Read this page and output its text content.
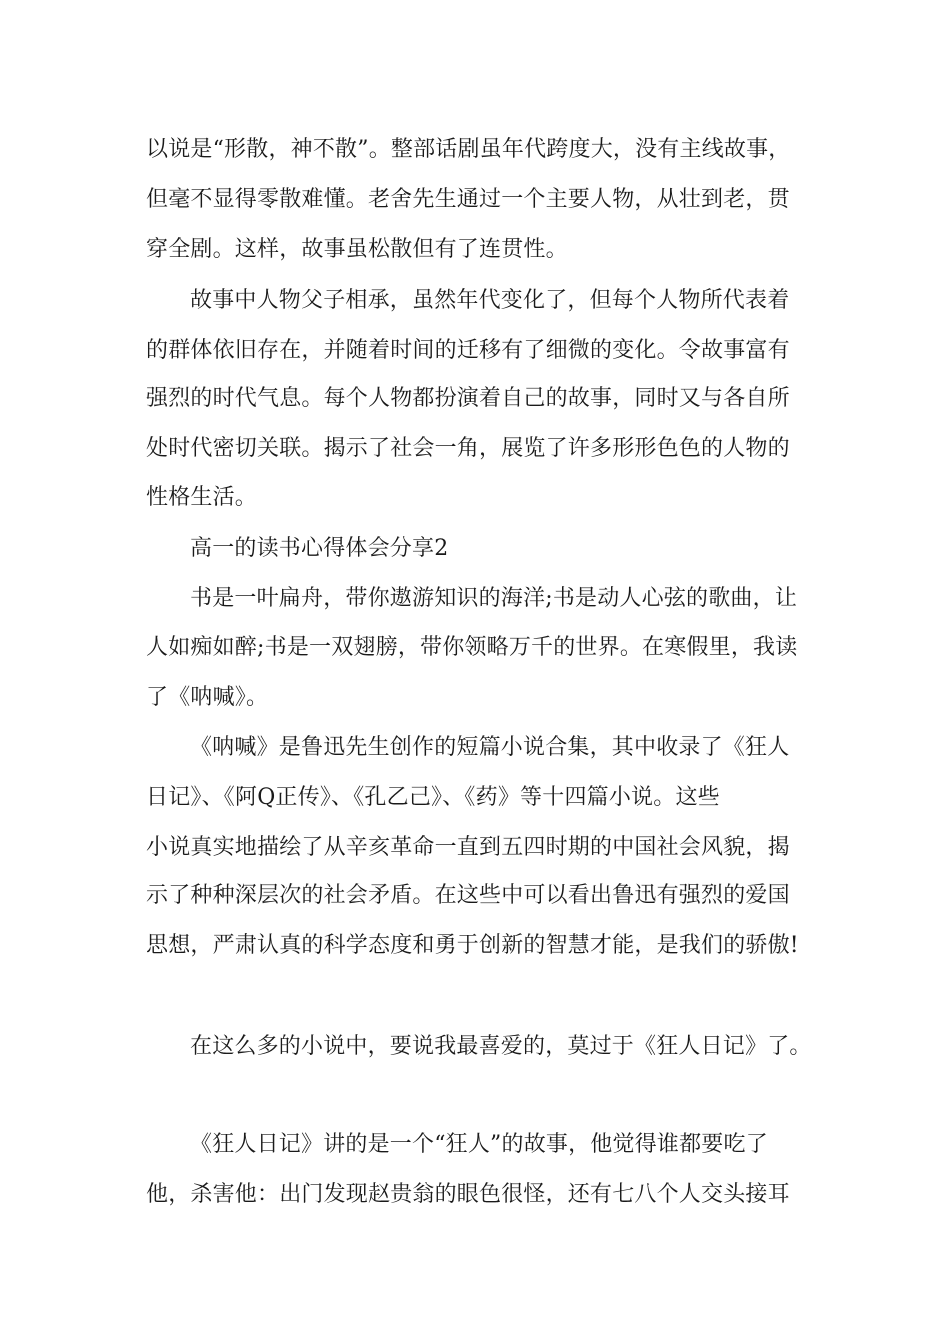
以说是“形散，神不散”。整部话剧虽年代跨度大，没有主线故事，
但毫不显得零散难懂。老舍先生通过一个主要人物，从壮到老，贯
穿全剧。这样，故事虽松散但有了连贯性。
故事中人物父子相承，虽然年代变化了，但每个人物所代表着
的群体依旧存在，并随着时间的迁移有了细微的变化。令故事富有
强烈的时代气息。每个人物都扮演着自己的故事，同时又与各自所
处时代密切关联。揭示了社会一角，展览了许多形形色色的人物的
性格生活。
高一的读书心得体会分享2
书是一叶扁舟，带你遨游知识的海洋;书是动人心弦的歌曲，让
人如痴如醉;书是一双翅膀，带你领略万千的世界。在寒假里，我读
了《呐喊》。
《呐喊》是鲁迅先生创作的短篇小说合集，其中收录了《狂人
日记》、《阿Q正传》、《孔乙己》、《药》等十四篇小说。这些
小说真实地描绘了从辛亥革命一直到五四时期的中国社会风貌，揭
示了种种深层次的社会矛盾。在这些中可以看出鲁迅有强烈的爱国
思想，严肃认真的科学态度和勇于创新的智慧才能，是我们的骄傲!
在这么多的小说中，要说我最喜爱的，莫过于《狂人日记》了。
《狂人日记》讲的是一个“狂人”的故事，他觉得谁都要吃了
他，杀害他：出门发现赵贵翁的眼色很怪，还有七八个人交头接耳
